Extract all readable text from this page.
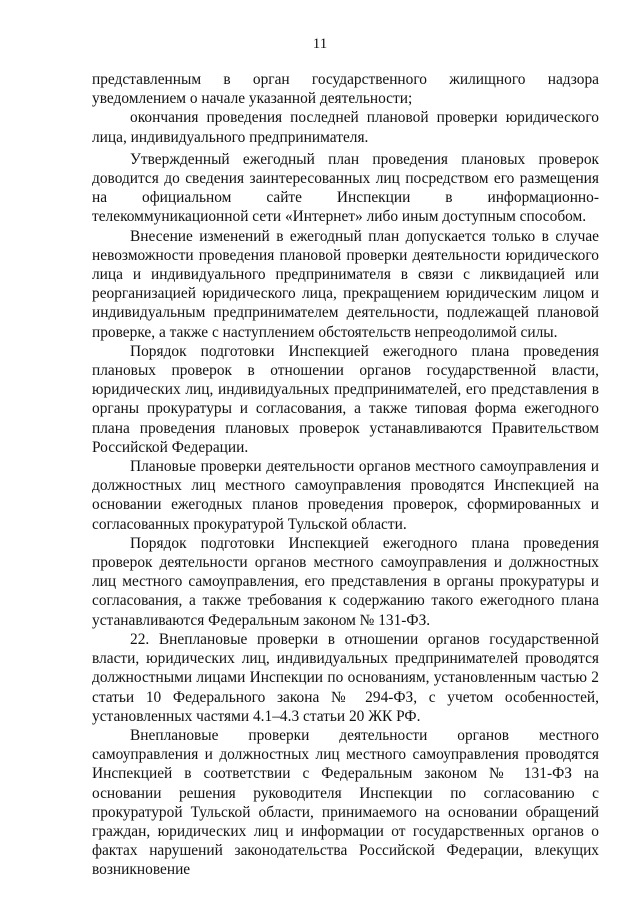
11

представленным в орган государственного жилищного надзора уведомлением о начале указанной деятельности;

окончания проведения последней плановой проверки юридического лица, индивидуального предпринимателя.

Утвержденный ежегодный план проведения плановых проверок доводится до сведения заинтересованных лиц посредством его размещения на официальном сайте Инспекции в информационно-телекоммуникационной сети «Интернет» либо иным доступным способом.

Внесение изменений в ежегодный план допускается только в случае невозможности проведения плановой проверки деятельности юридического лица и индивидуального предпринимателя в связи с ликвидацией или реорганизацией юридического лица, прекращением юридическим лицом и индивидуальным предпринимателем деятельности, подлежащей плановой проверке, а также с наступлением обстоятельств непреодолимой силы.

Порядок подготовки Инспекцией ежегодного плана проведения плановых проверок в отношении органов государственной власти, юридических лиц, индивидуальных предпринимателей, его представления в органы прокуратуры и согласования, а также типовая форма ежегодного плана проведения плановых проверок устанавливаются Правительством Российской Федерации.

Плановые проверки деятельности органов местного самоуправления и должностных лиц местного самоуправления проводятся Инспекцией на основании ежегодных планов проведения проверок, сформированных и согласованных прокуратурой Тульской области.

Порядок подготовки Инспекцией ежегодного плана проведения проверок деятельности органов местного самоуправления и должностных лиц местного самоуправления, его представления в органы прокуратуры и согласования, а также требования к содержанию такого ежегодного плана устанавливаются Федеральным законом № 131-ФЗ.

22. Внеплановые проверки в отношении органов государственной власти, юридических лиц, индивидуальных предпринимателей проводятся должностными лицами Инспекции по основаниям, установленным частью 2 статьи 10 Федерального закона № 294-ФЗ, с учетом особенностей, установленных частями 4.1–4.3 статьи 20 ЖК РФ.

Внеплановые проверки деятельности органов местного самоуправления и должностных лиц местного самоуправления проводятся Инспекцией в соответствии с Федеральным законом № 131-ФЗ на основании решения руководителя Инспекции по согласованию с прокуратурой Тульской области, принимаемого на основании обращений граждан, юридических лиц и информации от государственных органов о фактах нарушений законодательства Российской Федерации, влекущих возникновение
